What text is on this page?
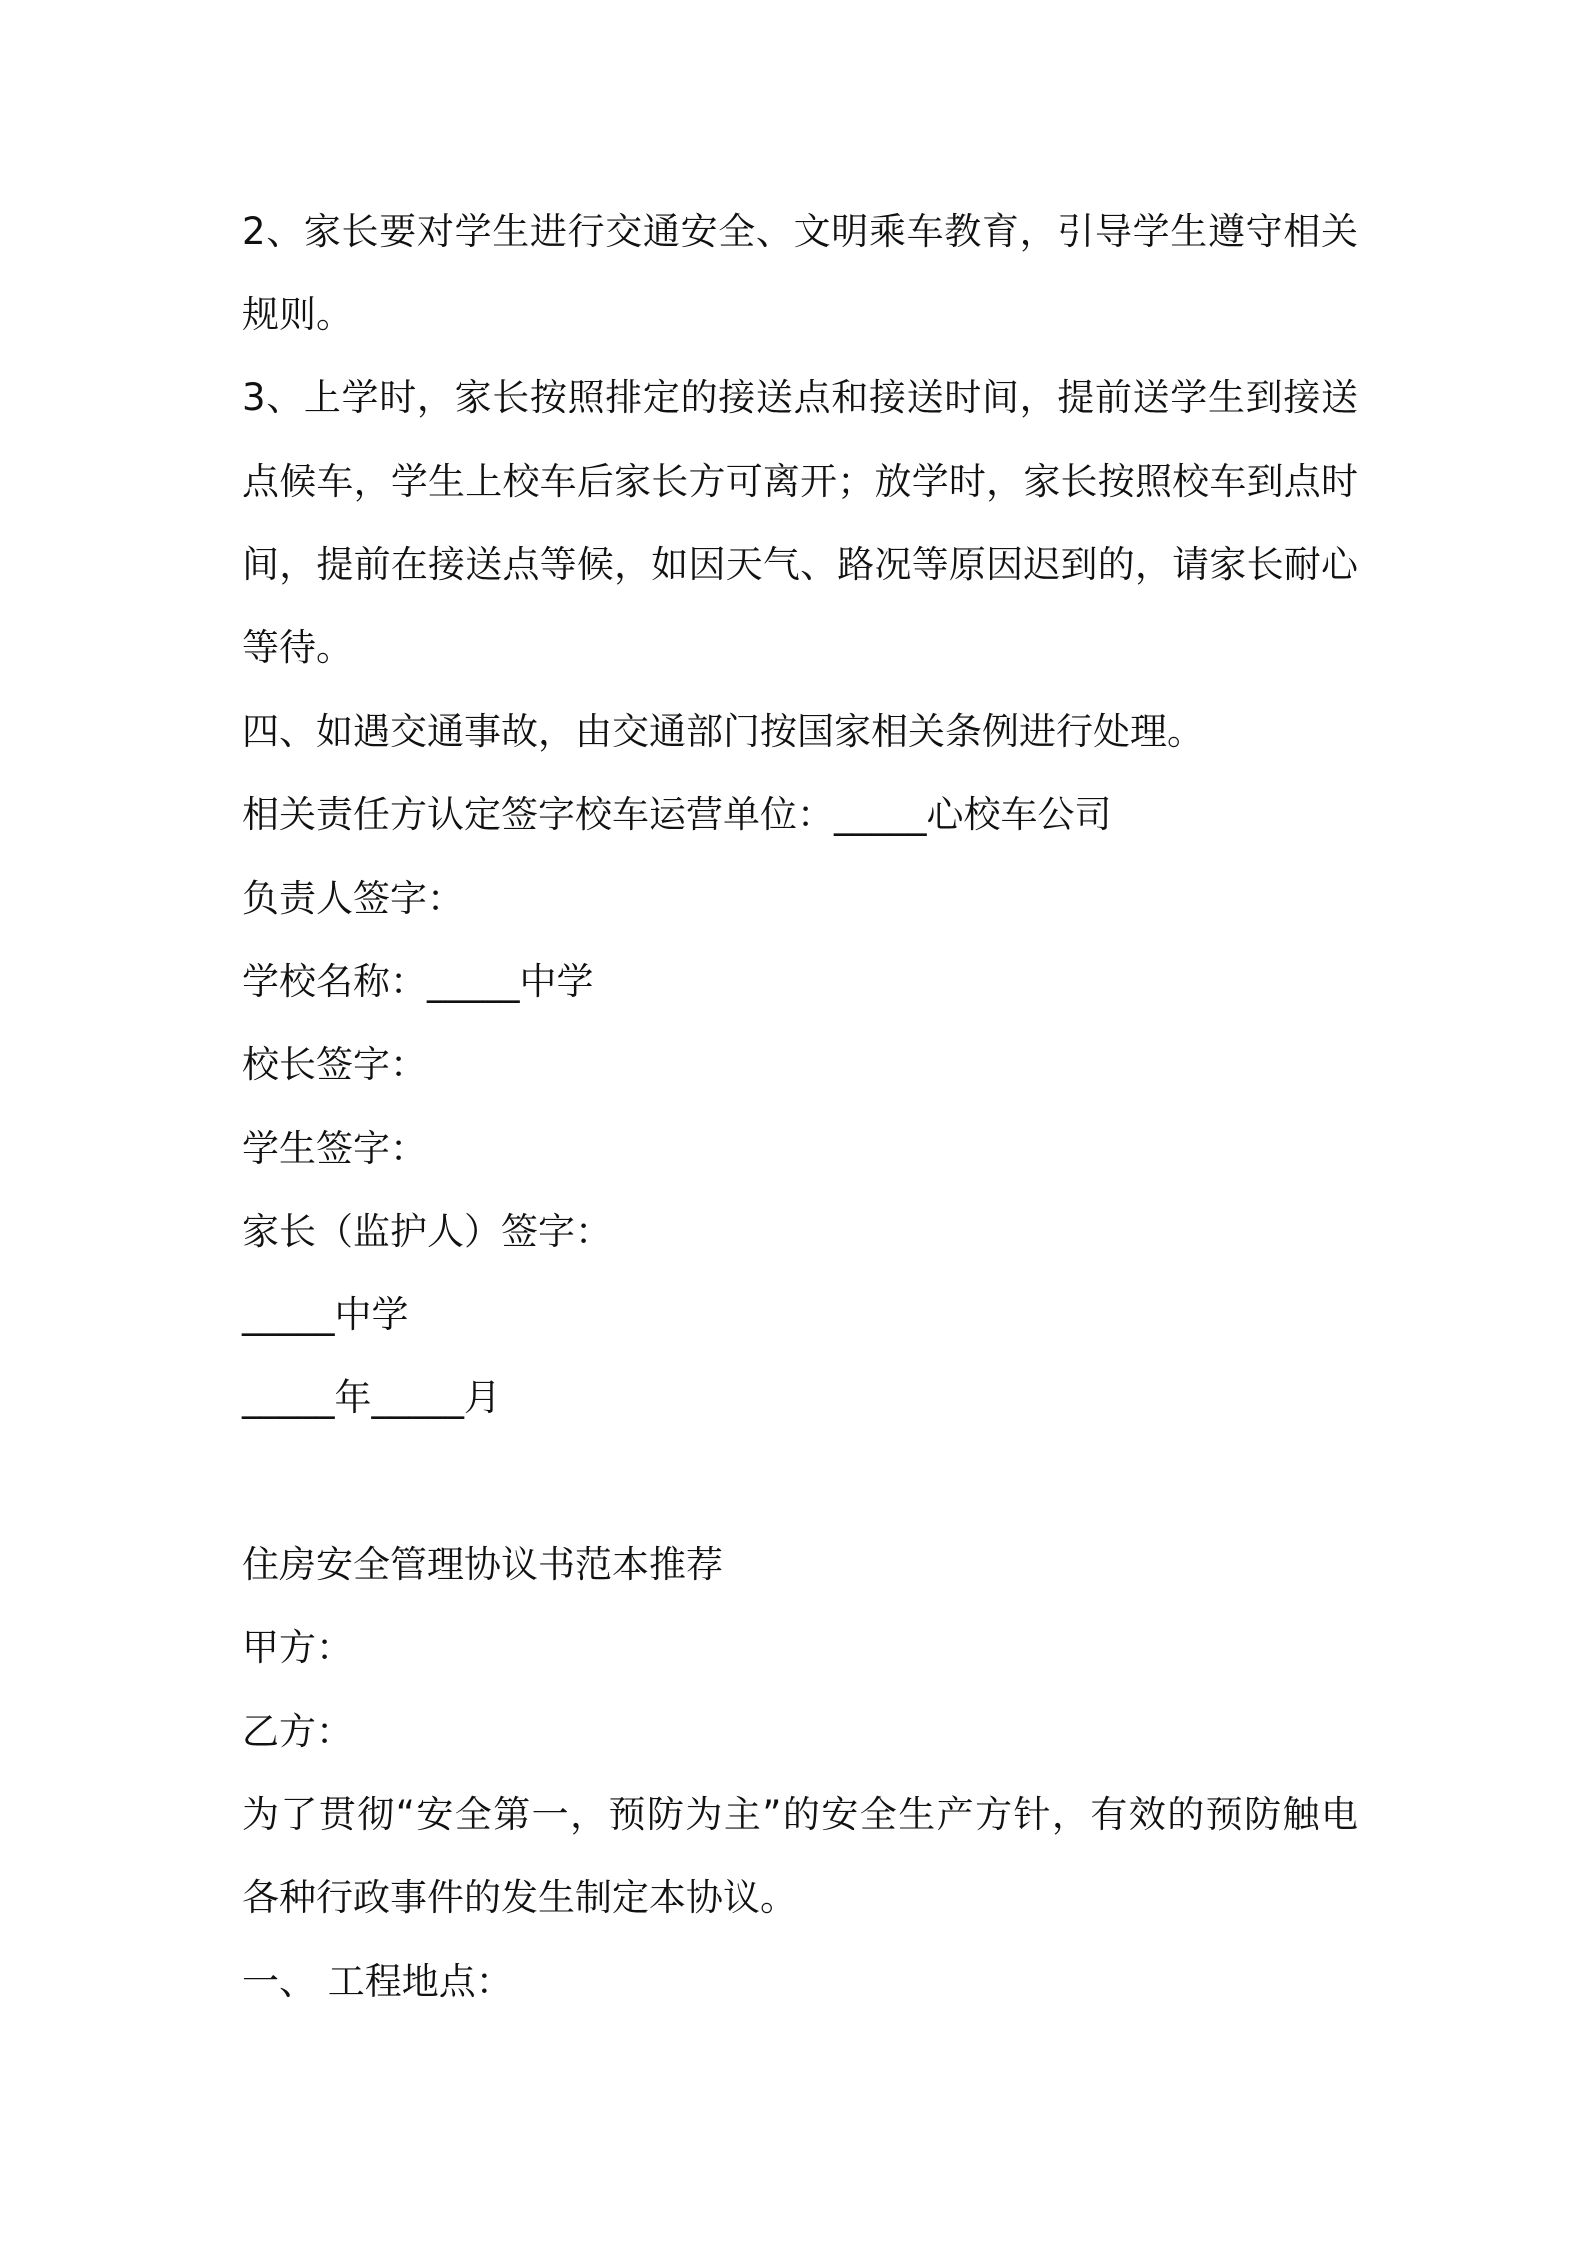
2、家长要对学生进行交通安全、文明乘车教育，引导学生遵守相关

规则。

3、上学时，家长按照排定的接送点和接送时间，提前送学生到接送

点候车，学生上校车后家长方可离开；放学时，家长按照校车到点时

间，提前在接送点等候，如因天气、路况等原因迟到的，请家长耐心

等待。

四、如遇交通事故，由交通部门按国家相关条例进行处理。

相关责任方认定签字校车运营单位：_____心校车公司

负责人签字：

学校名称：_____中学

校长签字：

学生签字：

家长（监护人）签字：

_____中学

_____年_____月

住房安全管理协议书范本推荐

甲方：

乙方：

为了贯彻“安全第一，预防为主”的安全生产方针，有效的预防触电

各种行政事件的发生制定本协议。

一、 工程地点：
